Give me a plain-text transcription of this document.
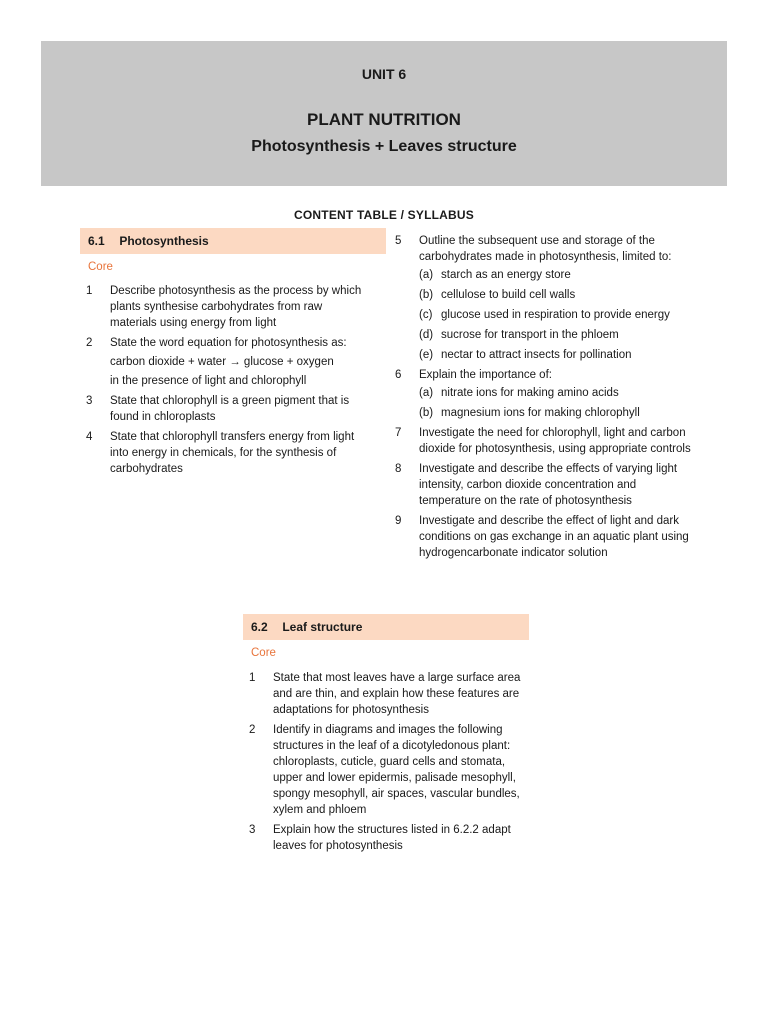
UNIT 6
PLANT NUTRITION
Photosynthesis + Leaves structure
CONTENT TABLE / SYLLABUS
6.1 Photosynthesis
Core
1 Describe photosynthesis as the process by which plants synthesise carbohydrates from raw materials using energy from light
2 State the word equation for photosynthesis as:
carbon dioxide + water → glucose + oxygen
in the presence of light and chlorophyll
3 State that chlorophyll is a green pigment that is found in chloroplasts
4 State that chlorophyll transfers energy from light into energy in chemicals, for the synthesis of carbohydrates
5 Outline the subsequent use and storage of the carbohydrates made in photosynthesis, limited to:
(a) starch as an energy store
(b) cellulose to build cell walls
(c) glucose used in respiration to provide energy
(d) sucrose for transport in the phloem
(e) nectar to attract insects for pollination
6 Explain the importance of:
(a) nitrate ions for making amino acids
(b) magnesium ions for making chlorophyll
7 Investigate the need for chlorophyll, light and carbon dioxide for photosynthesis, using appropriate controls
8 Investigate and describe the effects of varying light intensity, carbon dioxide concentration and temperature on the rate of photosynthesis
9 Investigate and describe the effect of light and dark conditions on gas exchange in an aquatic plant using hydrogencarbonate indicator solution
6.2 Leaf structure
Core
1 State that most leaves have a large surface area and are thin, and explain how these features are adaptations for photosynthesis
2 Identify in diagrams and images the following structures in the leaf of a dicotyledonous plant: chloroplasts, cuticle, guard cells and stomata, upper and lower epidermis, palisade mesophyll, spongy mesophyll, air spaces, vascular bundles, xylem and phloem
3 Explain how the structures listed in 6.2.2 adapt leaves for photosynthesis
